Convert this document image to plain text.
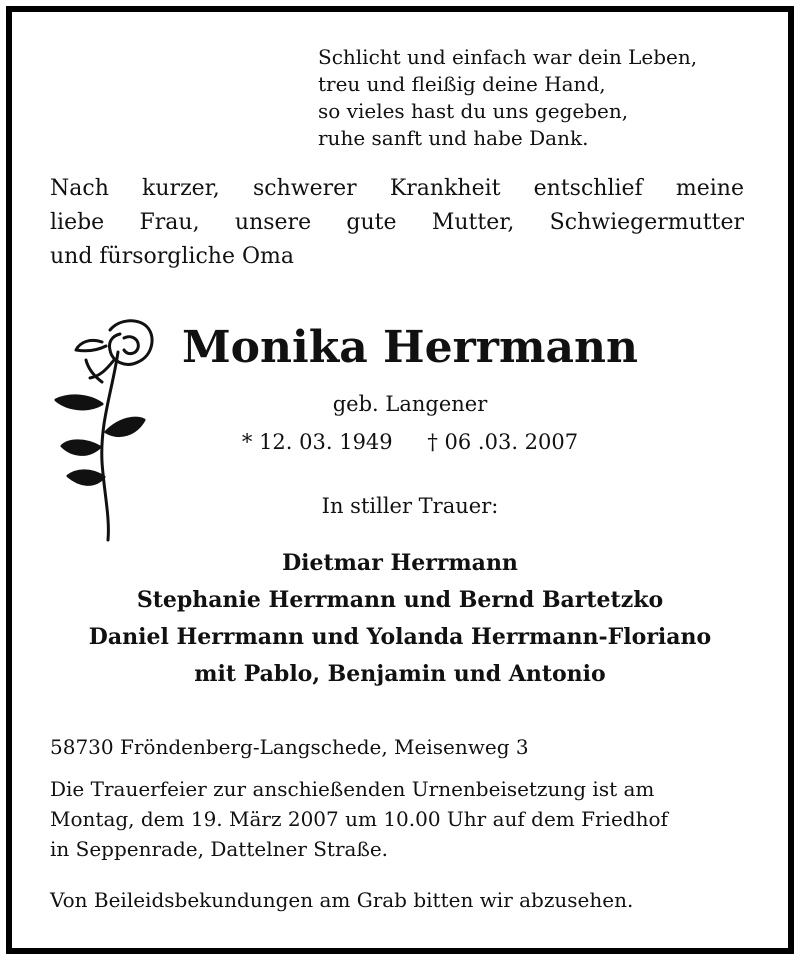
Schlicht und einfach war dein Leben,
treu und fleißig deine Hand,
so vieles hast du uns gegeben,
ruhe sanft und habe Dank.
Nach kurzer, schwerer Krankheit entschlief meine
liebe Frau, unsere gute Mutter, Schwiegermutter
und fürsorgliche Oma
Monika Herrmann
geb. Langener
* 12. 03. 1949 † 06 .03. 2007
In stiller Trauer:
Dietmar Herrmann
Stephanie Herrmann und Bernd Bartetzko
Daniel Herrmann und Yolanda Herrmann-Floriano
mit Pablo, Benjamin und Antonio
58730 Fröndenberg-Langschede, Meisenweg 3
Die Trauerfeier zur anschießenden Urnenbeisetzung ist am
Montag, dem 19. März 2007 um 10.00 Uhr auf dem Friedhof
in Seppenrade, Dattelner Straße.
Von Beileidsbekundungen am Grab bitten wir abzusehen.
